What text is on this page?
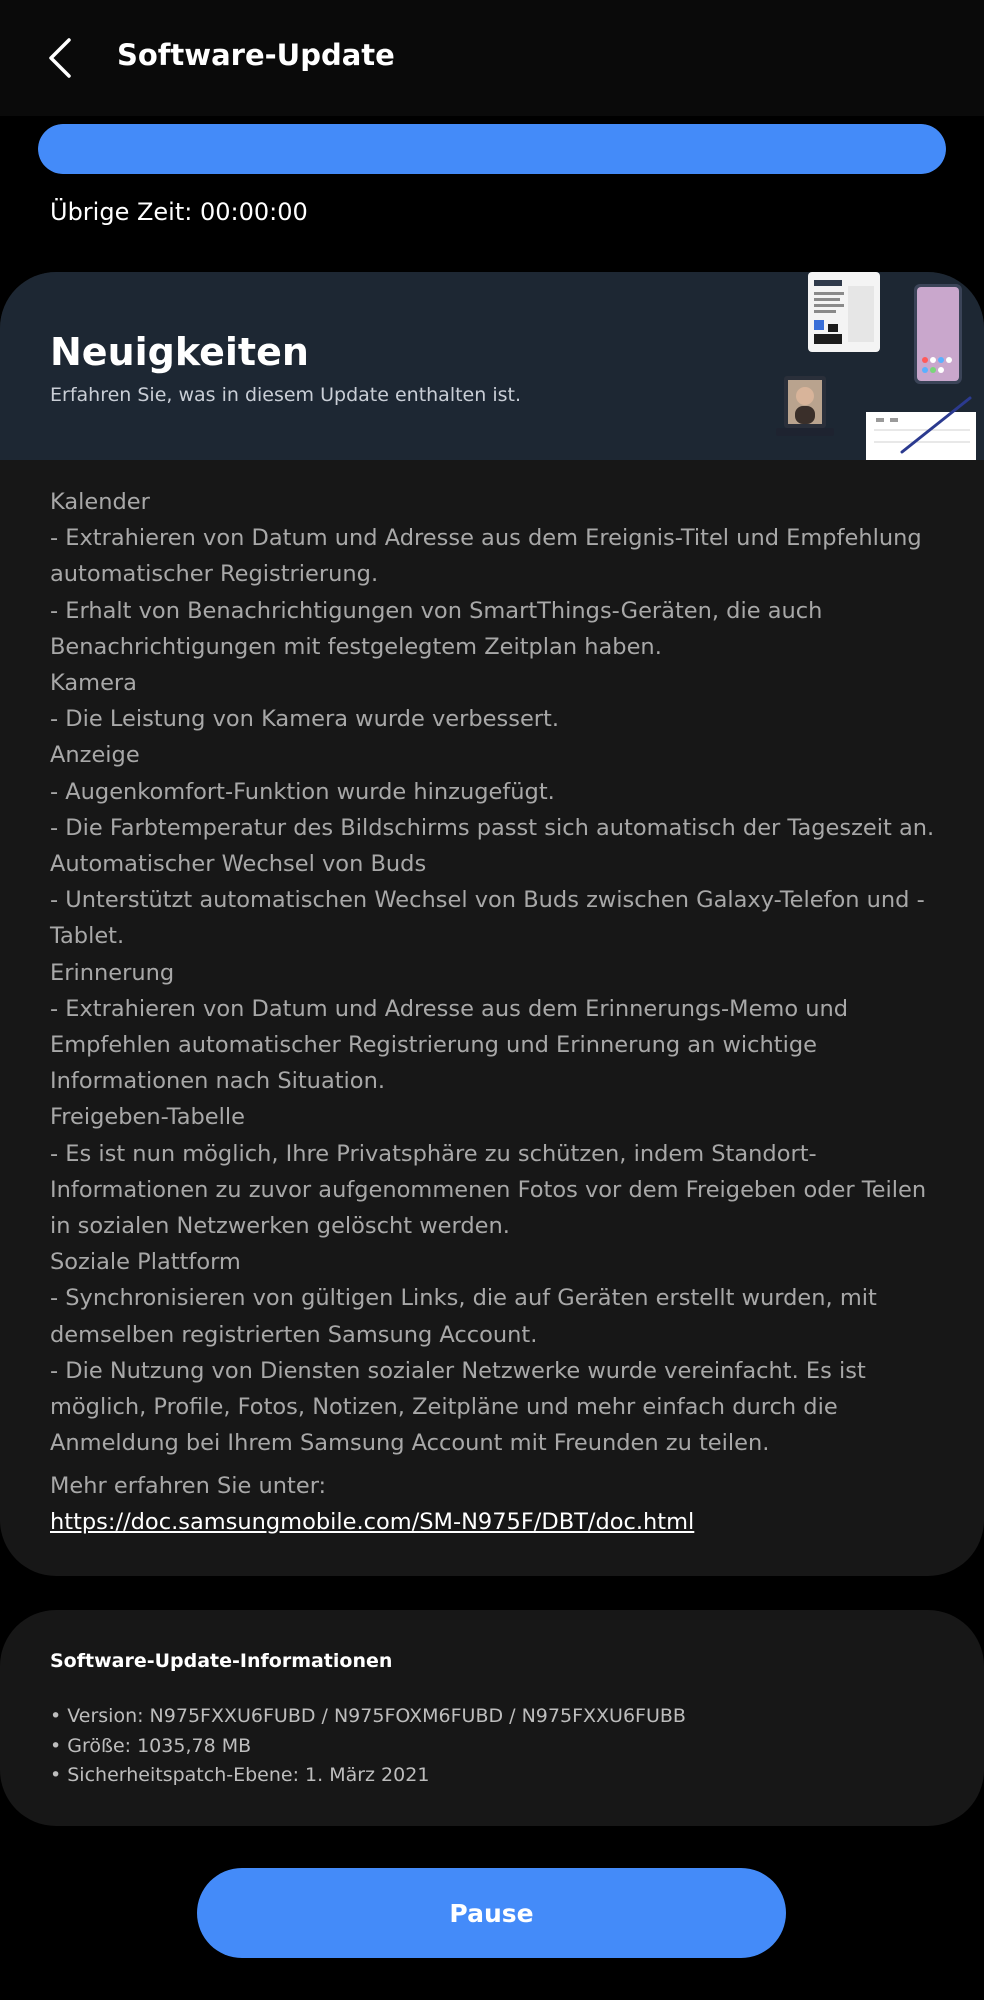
Software-Update
Übrige Zeit: 00:00:00
Neuigkeiten
Erfahren Sie, was in diesem Update enthalten ist.
Kalender
- Extrahieren von Datum und Adresse aus dem Ereignis-Titel und Empfehlung automatischer Registrierung.
- Erhalt von Benachrichtigungen von SmartThings-Geräten, die auch Benachrichtigungen mit festgelegtem Zeitplan haben.
Kamera
- Die Leistung von Kamera wurde verbessert.
Anzeige
- Augenkomfort-Funktion wurde hinzugefügt.
- Die Farbtemperatur des Bildschirms passt sich automatisch der Tageszeit an.
Automatischer Wechsel von Buds
- Unterstützt automatischen Wechsel von Buds zwischen Galaxy-Telefon und -Tablet.
Erinnerung
- Extrahieren von Datum und Adresse aus dem Erinnerungs-Memo und Empfehlen automatischer Registrierung und Erinnerung an wichtige Informationen nach Situation.
Freigeben-Tabelle
- Es ist nun möglich, Ihre Privatsphäre zu schützen, indem Standort-Informationen zu zuvor aufgenommenen Fotos vor dem Freigeben oder Teilen in sozialen Netzwerken gelöscht werden.
Soziale Plattform
- Synchronisieren von gültigen Links, die auf Geräten erstellt wurden, mit demselben registrierten Samsung Account.
- Die Nutzung von Diensten sozialer Netzwerke wurde vereinfacht. Es ist möglich, Profile, Fotos, Notizen, Zeitpläne und mehr einfach durch die Anmeldung bei Ihrem Samsung Account mit Freunden zu teilen.
Mehr erfahren Sie unter:
https://doc.samsungmobile.com/SM-N975F/DBT/doc.html
Software-Update-Informationen
• Version: N975FXXU6FUBD / N975FOXM6FUBD / N975FXXU6FUBB
• Größe: 1035,78 MB
• Sicherheitspatch-Ebene: 1. März 2021
Pause
